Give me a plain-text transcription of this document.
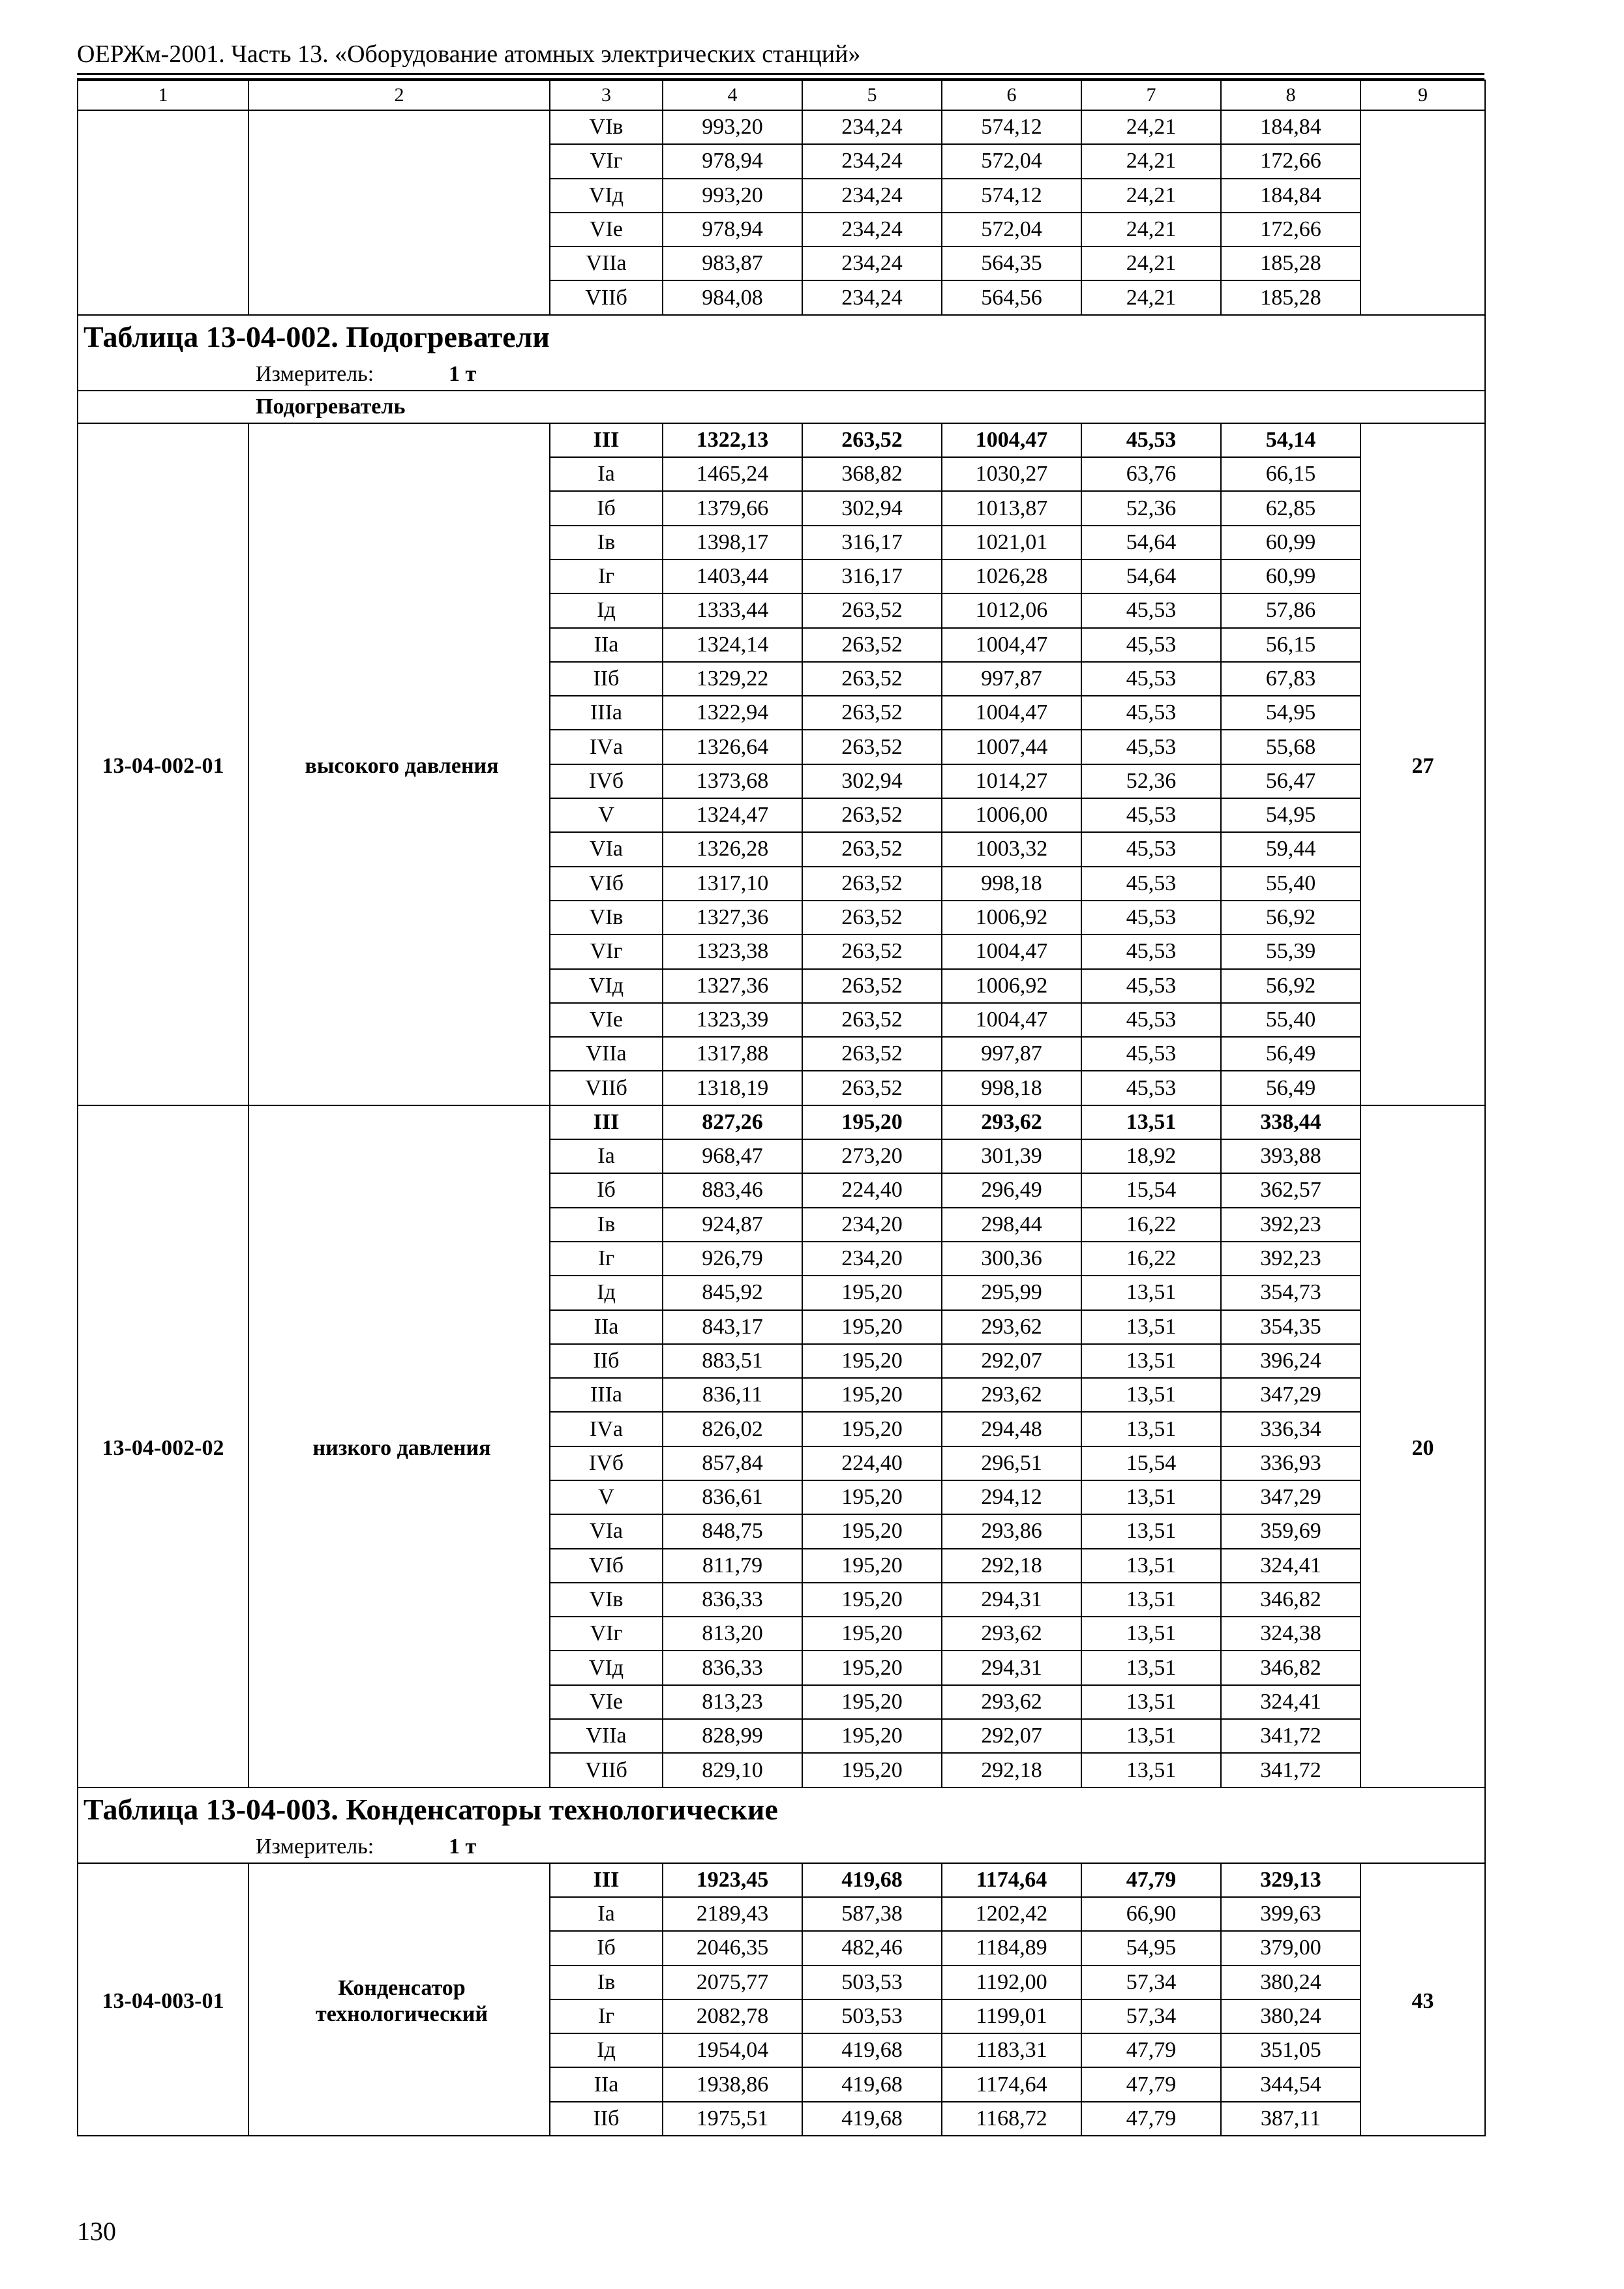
ОЕРЖм-2001. Часть 13. «Оборудование атомных электрических станций»
1	2	3	4	5	6	7	8	9
		VIв	993,20	234,24	574,12	24,21	184,84	
		VIг	978,94	234,24	572,04	24,21	172,66	
		VIд	993,20	234,24	574,12	24,21	184,84	
		VIе	978,94	234,24	572,04	24,21	172,66	
		VIIа	983,87	234,24	564,35	24,21	185,28	
		VIIб	984,08	234,24	564,56	24,21	185,28	
Таблица 13-04-002. Подогреватели								
Измеритель: 1 т								
Подогреватель								
13-04-002-01	высокого давления	III	1322,13	263,52	1004,47	45,53	54,14	27
		Iа	1465,24	368,82	1030,27	63,76	66,15	
		Iб	1379,66	302,94	1013,87	52,36	62,85	
		Iв	1398,17	316,17	1021,01	54,64	60,99	
		Iг	1403,44	316,17	1026,28	54,64	60,99	
		Iд	1333,44	263,52	1012,06	45,53	57,86	
		IIа	1324,14	263,52	1004,47	45,53	56,15	
		IIб	1329,22	263,52	997,87	45,53	67,83	
		IIIа	1322,94	263,52	1004,47	45,53	54,95	
		IVа	1326,64	263,52	1007,44	45,53	55,68	
		IVб	1373,68	302,94	1014,27	52,36	56,47	
		V	1324,47	263,52	1006,00	45,53	54,95	
		VIа	1326,28	263,52	1003,32	45,53	59,44	
		VIб	1317,10	263,52	998,18	45,53	55,40	
		VIв	1327,36	263,52	1006,92	45,53	56,92	
		VIг	1323,38	263,52	1004,47	45,53	55,39	
		VIд	1327,36	263,52	1006,92	45,53	56,92	
		VIе	1323,39	263,52	1004,47	45,53	55,40	
		VIIа	1317,88	263,52	997,87	45,53	56,49	
		VIIб	1318,19	263,52	998,18	45,53	56,49	
13-04-002-02	низкого давления	III	827,26	195,20	293,62	13,51	338,44	20
		Iа	968,47	273,20	301,39	18,92	393,88	
		Iб	883,46	224,40	296,49	15,54	362,57	
		Iв	924,87	234,20	298,44	16,22	392,23	
		Iг	926,79	234,20	300,36	16,22	392,23	
		Iд	845,92	195,20	295,99	13,51	354,73	
		IIа	843,17	195,20	293,62	13,51	354,35	
		IIб	883,51	195,20	292,07	13,51	396,24	
		IIIа	836,11	195,20	293,62	13,51	347,29	
		IVа	826,02	195,20	294,48	13,51	336,34	
		IVб	857,84	224,40	296,51	15,54	336,93	
		V	836,61	195,20	294,12	13,51	347,29	
		VIа	848,75	195,20	293,86	13,51	359,69	
		VIб	811,79	195,20	292,18	13,51	324,41	
		VIв	836,33	195,20	294,31	13,51	346,82	
		VIг	813,20	195,20	293,62	13,51	324,38	
		VIд	836,33	195,20	294,31	13,51	346,82	
		VIе	813,23	195,20	293,62	13,51	324,41	
		VIIа	828,99	195,20	292,07	13,51	341,72	
		VIIб	829,10	195,20	292,18	13,51	341,72	
Таблица 13-04-003. Конденсаторы технологические								
Измеритель: 1 т								
13-04-003-01	Конденсатор технологический	III	1923,45	419,68	1174,64	47,79	329,13	43
		Iа	2189,43	587,38	1202,42	66,90	399,63	
		Iб	2046,35	482,46	1184,89	54,95	379,00	
		Iв	2075,77	503,53	1192,00	57,34	380,24	
		Iг	2082,78	503,53	1199,01	57,34	380,24	
		Iд	1954,04	419,68	1183,31	47,79	351,05	
		IIа	1938,86	419,68	1174,64	47,79	344,54	
		IIб	1975,51	419,68	1168,72	47,79	387,11	
130
